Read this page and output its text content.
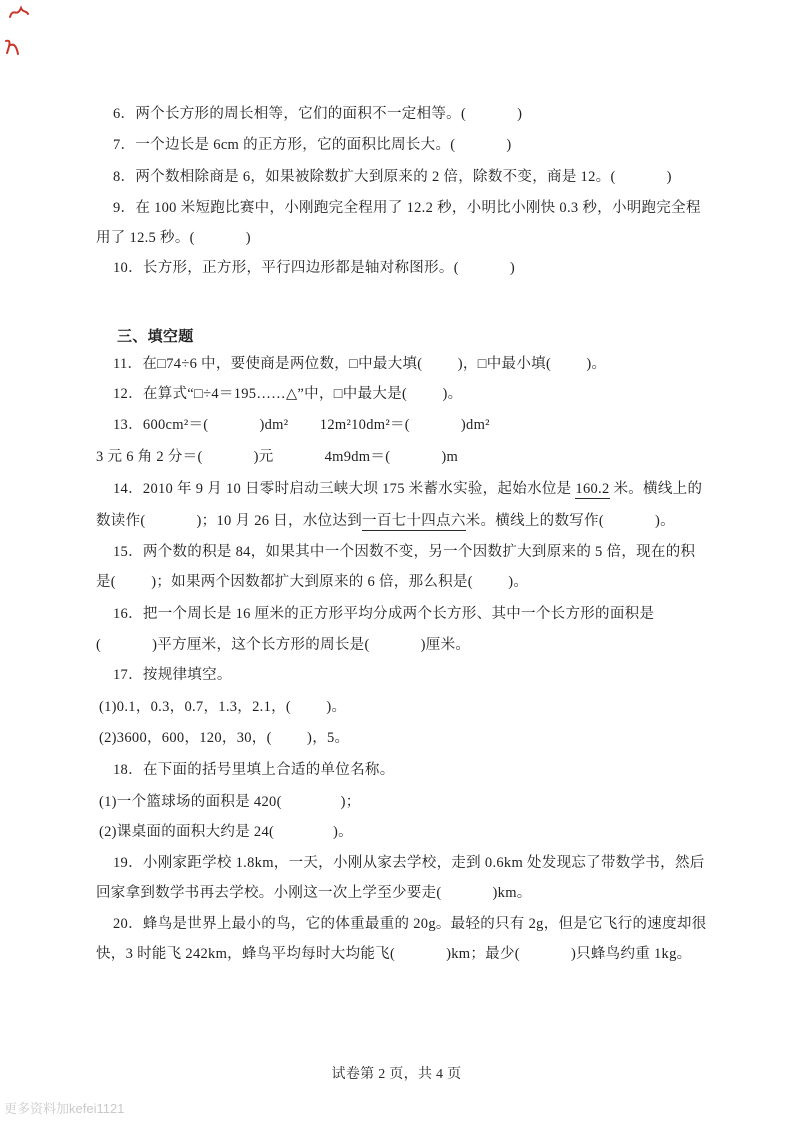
6．两个长方形的周长相等，它们的面积不一定相等。(             )
7．一个边长是 6cm 的正方形，它的面积比周长大。(             )
8．两个数相除商是 6，如果被除数扩大到原来的 2 倍，除数不变，商是 12。(             )
9．在 100 米短跑比赛中，小刚跑完全程用了 12.2 秒，小明比小刚快 0.3 秒，小明跑完全程
用了 12.5 秒。(             )
10．长方形，正方形，平行四边形都是轴对称图形。(             )
三、填空题
11．在□74÷6 中，要使商是两位数，□中最大填(         )，□中最小填(         )。
12．在算式“□÷4＝195……△”中，□中最大是(         )。
13．600cm²＝(             )dm²        12m²10dm²＝(             )dm²
3 元 6 角 2 分＝(             )元             4m9dm＝(             )m
14．2010 年 9 月 10 日零时启动三峡大坝 175 米蓄水实验，起始水位是 160.2 米。横线上的
数读作(             )；10 月 26 日，水位达到一百七十四点六米。横线上的数写作(             )。
15．两个数的积是 84，如果其中一个因数不变，另一个因数扩大到原来的 5 倍，现在的积
是(         )；如果两个因数都扩大到原来的 6 倍，那么积是(         )。
16．把一个周长是 16 厘米的正方形平均分成两个长方形、其中一个长方形的面积是
(             )平方厘米，这个长方形的周长是(             )厘米。
17．按规律填空。
(1)0.1，0.3，0.7，1.3，2.1，(         )。
(2)3600，600，120，30，(         )，5。
18．在下面的括号里填上合适的单位名称。
(1)一个篮球场的面积是 420(               )；
(2)课桌面的面积大约是 24(               )。
19．小刚家距学校 1.8km，一天，小刚从家去学校，走到 0.6km 处发现忘了带数学书，然后
回家拿到数学书再去学校。小刚这一次上学至少要走(             )km。
20．蜂鸟是世界上最小的鸟，它的体重最重的 20g。最轻的只有 2g，但是它飞行的速度却很
快，3 时能飞 242km，蜂鸟平均每时大均能飞(             )km；最少(             )只蜂鸟约重 1kg。
试卷第 2 页，共 4 页
更多资料加kefei1121
